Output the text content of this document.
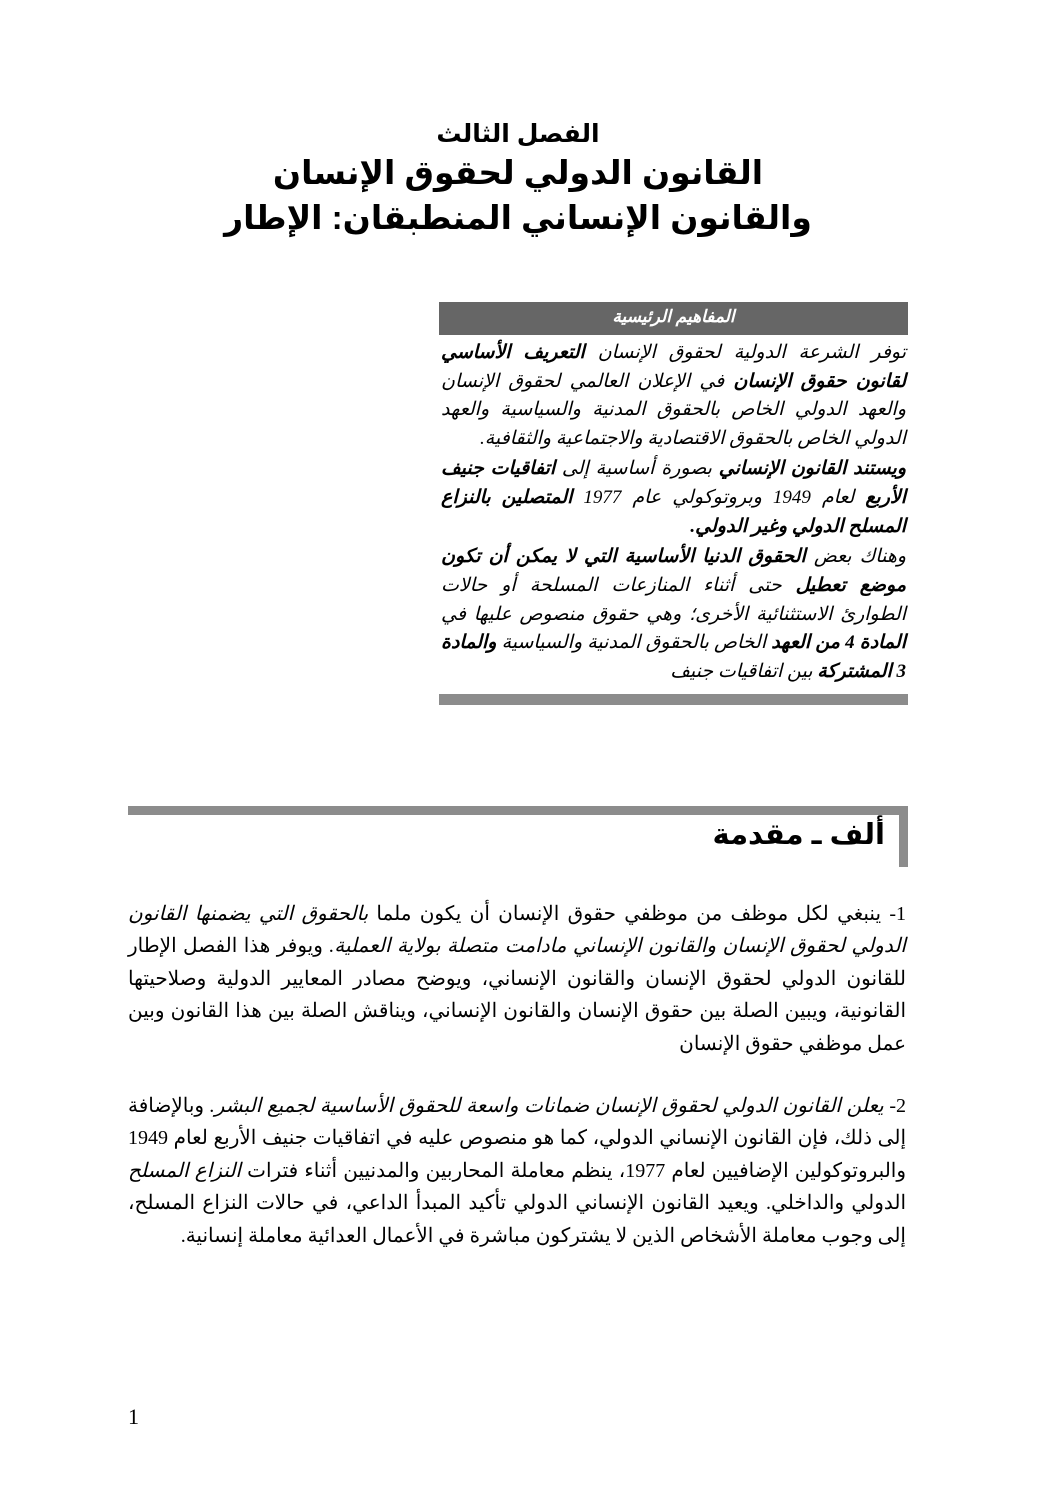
الفصل الثالث
القانون الدولي لحقوق الإنسان
والقانون الإنساني المنطبقان: الإطار
المفاهيم الرئيسية

توفر الشرعة الدولية لحقوق الإنسان التعريف الأساسي لقانون حقوق الإنسان في الإعلان العالمي لحقوق الإنسان والعهد الدولي الخاص بالحقوق المدنية والسياسية والعهد الدولي الخاص بالحقوق الاقتصادية والاجتماعية والثقافية.

ويستند القانون الإنساني بصورة أساسية إلى اتفاقيات جنيف الأربع لعام 1949 وبروتوكولي عام 1977 المتصلين بالنزاع المسلح الدولي وغير الدولي.

وهناك بعض الحقوق الدنيا الأساسية التي لا يمكن أن تكون موضع تعطيل حتى أثناء المنازعات المسلحة أو حالات الطوارئ الاستثنائية الأخرى؛ وهي حقوق منصوص عليها في المادة 4 من العهد الخاص بالحقوق المدنية والسياسية والمادة 3 المشتركة بين اتفاقيات جنيف

ألف ـ مقدمة

1- ينبغي لكل موظف من موظفي حقوق الإنسان أن يكون ملما بالحقوق التي يضمنها القانون الدولي لحقوق الإنسان والقانون الإنساني مادامت متصلة بولاية العملية. ويوفر هذا الفصل الإطار للقانون الدولي لحقوق الإنسان والقانون الإنساني، ويوضح مصادر المعايير الدولية وصلاحيتها القانونية، ويبين الصلة بين حقوق الإنسان والقانون الإنساني، ويناقش الصلة بين هذا القانون وبين عمل موظفي حقوق الإنسان

2- يعلن القانون الدولي لحقوق الإنسان ضمانات واسعة للحقوق الأساسية لجميع البشر. وبالإضافة إلى ذلك، فإن القانون الإنساني الدولي، كما هو منصوص عليه في اتفاقيات جنيف الأربع لعام 1949 والبروتوكولين الإضافيين لعام 1977، ينظم معاملة المحاربين والمدنيين أثناء فترات النزاع المسلح الدولي والداخلي. ويعيد القانون الإنساني الدولي تأكيد المبدأ الداعي، في حالات النزاع المسلح، إلى وجوب معاملة الأشخاص الذين لا يشتركون مباشرة في الأعمال العدائية معاملة إنسانية.

1
